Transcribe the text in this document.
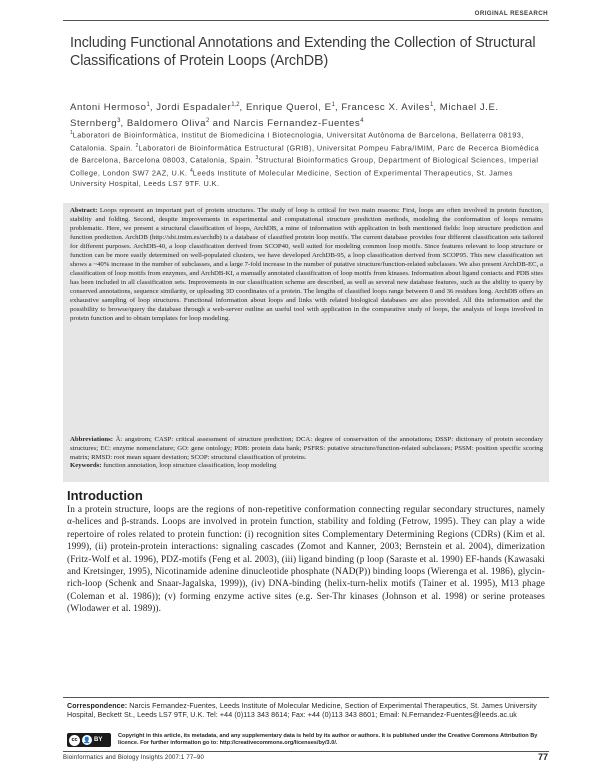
ORIGINAL RESEARCH
Including Functional Annotations and Extending the Collection of Structural Classifications of Protein Loops (ArchDB)
Antoni Hermoso$^1$, Jordi Espadaler$^{1,2}$, Enrique Querol, $E^1$, Francesc X. Aviles$^1$, Michael J.E. Sternberg$^3$, Baldomero Oliva$^2$ and Narcis Fernandez-Fuentes$^4$
$^1$Laboratori de Bioinformàtica, Institut de Biomedicina I Biotecnologia, Universitat Autònoma de Barcelona, Bellaterra 08193, Catalonia. Spain. $^2$Laboratori de Bioinformàtica Estructural (GRIB), Universitat Pompeu Fabra/IMIM, Parc de Recerca Biomèdica de Barcelona, Barcelona 08003, Catalonia, Spain. $^3$Structural Bioinformatics Group, Department of Biological Sciences, Imperial College, London SW7 2AZ, U.K. $^4$Leeds Institute of Molecular Medicine, Section of Experimental Therapeutics, St. James University Hospital, Leeds LS7 9TF. U.K.
Abstract: Loops represent an important part of protein structures. The study of loop is critical for two main reasons: First, loops are often involved in protein function, stability and folding. Second, despite improvements in experimental and computational structure prediction methods, modeling the conformation of loops remains problematic. Here, we present a structural classification of loops, ArchDB, a mine of information with application in both mentioned fields: loop structure prediction and function prediction. ArchDB (http://sbi.imim.es/archdb) is a database of classified protein loop motifs. The current database provides four different classification sets tailored for different purposes. ArchDB-40, a loop classification derived from SCOP40, well suited for modeling common loop motifs. Since features relevant to loop structure or function can be more easily determined on well-populated clusters, we have developed ArchDB-95, a loop classification derived from SCOP95. This new classification set shows a ~40% increase in the number of subclasses, and a large 7-fold increase in the number of putative structure/function-related subclasses. We also present ArchDB-EC, a classification of loop motifs from enzymes, and ArchDB-KI, a manually annotated classification of loop motifs from kinases. Information about ligand contacts and PDB sites has been included in all classification sets. Improvements in our classification scheme are described, as well as several new database features, such as the ability to query by conserved annotations, sequence similarity, or uploading 3D coordinates of a protein. The lengths of classified loops range between 0 and 36 residues long. ArchDB offers an exhaustive sampling of loop structures. Functional information about loops and links with related biological databases are also provided. All this information and the possibility to browse/query the database through a web-server outline an useful tool with application in the comparative study of loops, the analysis of loops involved in protein function and to obtain templates for loop modeling.
Abbreviations: Å: angstrom; CASP: critical assessment of structure prediction; DCA: degree of conservation of the annotations; DSSP: dictionary of protein secondary structures; EC: enzyme nomenclature; GO: gene ontology; PDB: protein data bank; PSFRS: putative structure/function-related subclasses; PSSM: position specific scoring matrix; RMSD: root mean square deviation; SCOP: structural classification of proteins.
Keywords: function annotation, loop structure classification, loop modeling
Introduction
In a protein structure, loops are the regions of non-repetitive conformation connecting regular secondary structures, namely α-helices and β-strands. Loops are involved in protein function, stability and folding (Fetrow, 1995). They can play a wide repertoire of roles related to protein function: (i) recognition sites Complementary Determining Regions (CDRs) (Kim et al. 1999), (ii) protein-protein interactions: signaling cascades (Zomot and Kanner, 2003; Bernstein et al. 2004), dimerization (Fritz-Wolf et al. 1996), PDZ-motifs (Feng et al. 2003), (iii) ligand binding (p loop (Saraste et al. 1990) EF-hands (Kawasaki and Kretsinger, 1995), Nicotinamide adenine dinucleotide phosphate (NAD(P)) binding loops (Wierenga et al. 1986), glycin-rich-loop (Schenk and Snaar-Jagalska, 1999)), (iv) DNA-binding (helix-turn-helix motifs (Tainer et al. 1995), M13 phage (Coleman et al. 1986)); (v) forming enzyme active sites (e.g. Ser-Thr kinases (Johnson et al. 1998) or serine proteases (Wlodawer et al. 1989)).
Correspondence: Narcis Fernandez-Fuentes, Leeds Institute of Molecular Medicine, Section of Experimental Therapeutics, St. James University Hospital, Beckett St., Leeds LS7 9TF, U.K. Tel: +44 (0)113 343 8614; Fax: +44 (0)113 343 8601; Email: N.Fernandez-Fuentes@leeds.ac.uk
cc 👤 BY
Copyright in this article, its metadata, and any supplementary data is held by its author or authors. It is published under the Creative Commons Attribution By licence. For further information go to: http://creativecommons.org/licenses/by/3.0/.
Bioinformatics and Biology Insights 2007:1 77–90	77
